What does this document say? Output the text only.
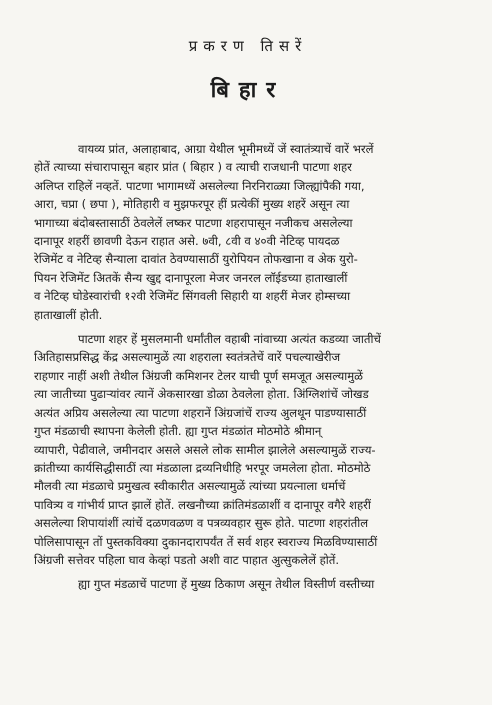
प्रकरण तिसरें
बिहार
वायव्य प्रांत, अलाहाबाद, आग्रा येथील भूमीमध्यें जें स्वातंत्र्याचें वारें भरलें
होतें त्याच्या संचारापासून बहार प्रांत ( बिहार ) व त्याची राजधानी पाटणा शहर
अलिप्त राहिलें नव्हतें. पाटणा भागामध्यें असलेल्या निरनिराळ्या जिल्ह्यांपैकी गया,
आरा, चप्रा ( छपा ), मोतिहारी व मुझफरपूर हीं प्रत्येकीं मुख्य शहरें असून त्या
भागाच्या बंदोबस्तासाठीं ठेवलेलें लष्कर पाटणा शहरापासून नजीकच असलेल्या
दानापूर शहरीं छावणी देऊन राहात असे. ७वी, ८वी व ४०वी नेटिव्ह पायदळ
रेजिमेंट व नेटिव्ह सैन्याला दावांत ठेवण्यासाठीं युरोपियन तोफखाना व अेक युरो-
पियन रेजिमेंट अितकें सैन्य खुद्द दानापूरला मेजर जनरल लॉईडच्या हाताखालीं
व नेटिव्ह घोडेस्वारांची १२वी रेजिमेंट सिंगवली सिहारी या शहरीं मेजर होम्सच्या
हाताखालीं होती.
पाटणा शहर हें मुसलमानी धर्मांतील वहाबी नांवाच्या अत्यंत कडव्या जातीचें
अितिहासप्रसिद्ध केंद्र असल्यामुळें त्या शहराला स्वतंत्रतेचें वारें पचल्याखेरीज
राहणार नाहीं अशी तेथील अिंग्रजी कमिशनर टेलर याची पूर्ण समजूत असल्यामुळें
त्या जातीच्या पुढाऱ्यांवर त्यानें अेकसारखा डोळा ठेवलेला होता. अिंग्लिशांचें जोखड
अत्यंत अप्रिय असलेल्या त्या पाटणा शहरानें अिंग्रजांचें राज्य अुलथून पाडण्यासाठीं
गुप्त मंडळाची स्थापना केलेली होती. ह्या गुप्त मंडळांत मोठमोठे श्रीमान्
व्यापारी, पेढीवाले, जमीनदार असले असले लोक सामील झालेले असल्यामुळें राज्य-
क्रांतीच्या कार्यसिद्धीसाठीं त्या मंडळाला द्रव्यनिधीहि भरपूर जमलेला होता. मोठमोठे
मौलवी त्या मंडळाचे प्रमुखत्व स्वीकारीत असल्यामुळें त्यांच्या प्रयत्नाला धर्माचें
पावित्र्य व गांभीर्य प्राप्त झालें होतें. लखनौच्या क्रांतिमंडळाशीं व दानापूर वगैरे शहरीं
असलेल्या शिपायांशीं त्यांचें दळणवळण व पत्रव्यवहार सुरू होते. पाटणा शहरांतील
पोलिसापासून तों पुस्तकविक्या दुकानदारापर्यंत तें सर्व शहर स्वराज्य मिळविण्यासाठीं
अिंग्रजी सत्तेवर पहिला घाव केव्हां पडतो अशी वाट पाहात अुत्सुकलेलें होतें.
ह्या गुप्त मंडळाचें पाटणा हें मुख्य ठिकाण असून तेथील विस्तीर्ण वस्तीच्या
